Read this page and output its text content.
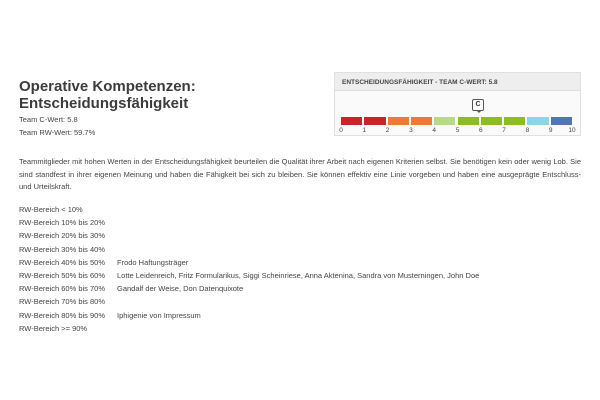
Operative Kompetenzen:
Entscheidungsfähigkeit
Team C-Wert: 5.8
Team RW-Wert: 59.7%
ENTSCHEIDUNGSFÄHIGKEIT - TEAM C-WERT: 5.8
C
0	1	2	3	4	5	6	7	8	9 10

Teammitglieder mit hohen Werten in der Entscheidungsfähigkeit beurteilen die Qualität ihrer Arbeit nach eigenen Kriterien selbst. Sie benötigen kein oder wenig Lob. Sie sind standfest in ihrer eigenen Meinung und haben die Fähigkeit bei sich zu bleiben. Sie können effektiv eine Linie vorgeben und haben eine ausgeprägte Entschluss- und Urteilskraft.

RW-Bereich < 10%
RW-Bereich 10% bis 20%
RW-Bereich 20% bis 30%
RW-Bereich 30% bis 40%
RW-Bereich 40% bis 50% Frodo Haftungsträger
RW-Bereich 50% bis 60% Lotte Leidenreich, Fritz Formularikus, Siggi Scheinriese, Anna Aktenina, Sandra von Musterningen, John Doe
RW-Bereich 60% bis 70% Gandalf der Weise, Don Datenquixote
RW-Bereich 70% bis 80%
RW-Bereich 80% bis 90% Iphigenie von Impressum
RW-Bereich >= 90%
